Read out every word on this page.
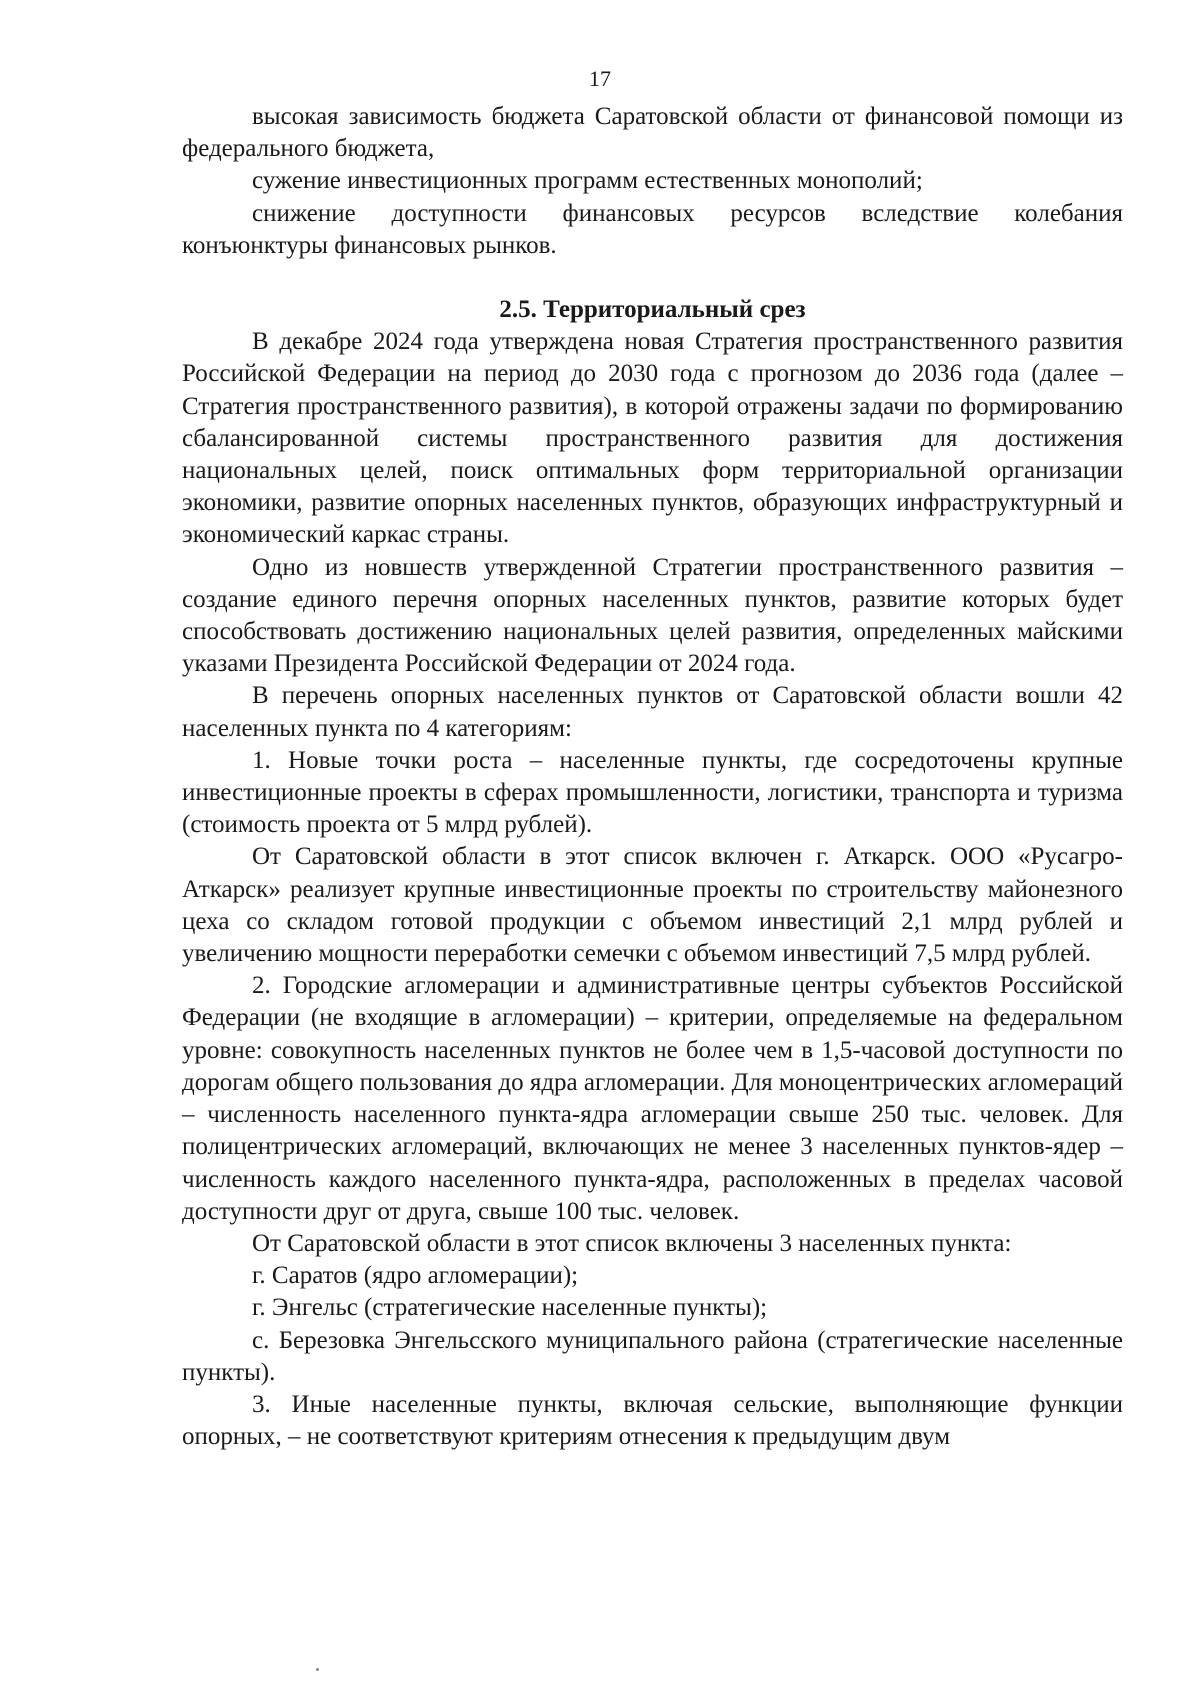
17

высокая зависимость бюджета Саратовской области от финансовой помощи из федерального бюджета,

сужение инвестиционных программ естественных монополий;

снижение доступности финансовых ресурсов вследствие колебания конъюнктуры финансовых рынков.

2.5. Территориальный срез

В декабре 2024 года утверждена новая Стратегия пространственного развития Российской Федерации на период до 2030 года с прогнозом до 2036 года (далее – Стратегия пространственного развития), в которой отражены задачи по формированию сбалансированной системы пространственного развития для достижения национальных целей, поиск оптимальных форм территориальной организации экономики, развитие опорных населенных пунктов, образующих инфраструктурный и экономический каркас страны.

Одно из новшеств утвержденной Стратегии пространственного развития – создание единого перечня опорных населенных пунктов, развитие которых будет способствовать достижению национальных целей развития, определенных майскими указами Президента Российской Федерации от 2024 года.

В перечень опорных населенных пунктов от Саратовской области вошли 42 населенных пункта по 4 категориям:

1. Новые точки роста – населенные пункты, где сосредоточены крупные инвестиционные проекты в сферах промышленности, логистики, транспорта и туризма (стоимость проекта от 5 млрд рублей).

От Саратовской области в этот список включен г. Аткарск. ООО «Русагро-Аткарск» реализует крупные инвестиционные проекты по строительству майонезного цеха со складом готовой продукции с объемом инвестиций 2,1 млрд рублей и увеличению мощности переработки семечки с объемом инвестиций 7,5 млрд рублей.

2. Городские агломерации и административные центры субъектов Российской Федерации (не входящие в агломерации) – критерии, определяемые на федеральном уровне: совокупность населенных пунктов не более чем в 1,5-часовой доступности по дорогам общего пользования до ядра агломерации. Для моноцентрических агломераций – численность населенного пункта-ядра агломерации свыше 250 тыс. человек. Для полицентрических агломераций, включающих не менее 3 населенных пунктов-ядер – численность каждого населенного пункта-ядра, расположенных в пределах часовой доступности друг от друга, свыше 100 тыс. человек.

От Саратовской области в этот список включены 3 населенных пункта:

г. Саратов (ядро агломерации);

г. Энгельс (стратегические населенные пункты);

с. Березовка Энгельсского муниципального района (стратегические населенные пункты).

3. Иные населенные пункты, включая сельские, выполняющие функции опорных, – не соответствуют критериям отнесения к предыдущим двум
